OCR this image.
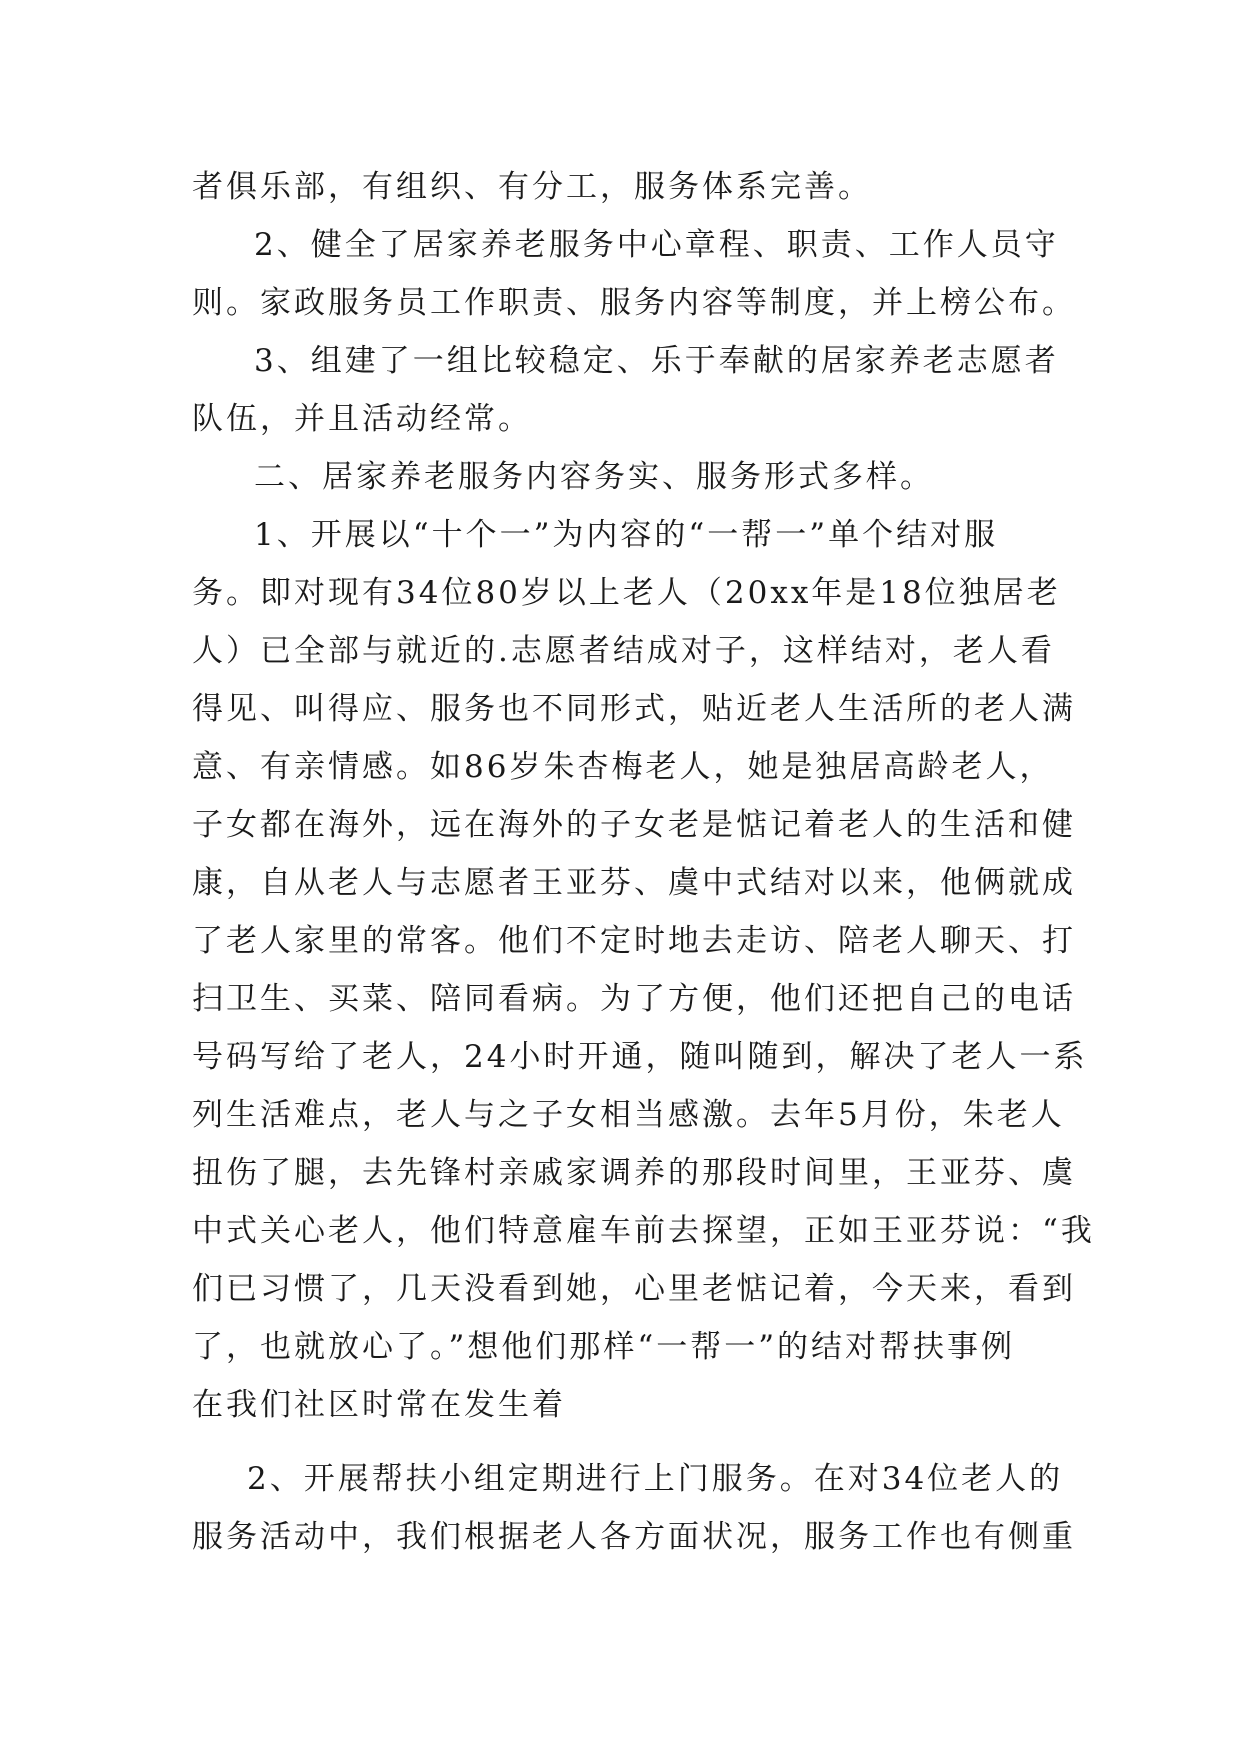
者俱乐部，有组织、有分工，服务体系完善。
2、健全了居家养老服务中心章程、职责、工作人员守
则。家政服务员工作职责、服务内容等制度，并上榜公布。
3、组建了一组比较稳定、乐于奉献的居家养老志愿者
队伍，并且活动经常。
二、居家养老服务内容务实、服务形式多样。
1、开展以“十个一”为内容的“一帮一”单个结对服
务。即对现有34位80岁以上老人（20xx年是18位独居老
人）已全部与就近的.志愿者结成对子，这样结对，老人看
得见、叫得应、服务也不同形式，贴近老人生活所的老人满
意、有亲情感。如86岁朱杏梅老人，她是独居高龄老人，
子女都在海外，远在海外的子女老是惦记着老人的生活和健
康，自从老人与志愿者王亚芬、虞中式结对以来，他俩就成
了老人家里的常客。他们不定时地去走访、陪老人聊天、打
扫卫生、买菜、陪同看病。为了方便，他们还把自己的电话
号码写给了老人，24小时开通，随叫随到，解决了老人一系
列生活难点，老人与之子女相当感激。去年5月份，朱老人
扭伤了腿，去先锋村亲戚家调养的那段时间里，王亚芬、虞
中式关心老人，他们特意雇车前去探望，正如王亚芬说：“我
们已习惯了，几天没看到她，心里老惦记着，今天来，看到
了，也就放心了。”想他们那样“一帮一”的结对帮扶事例
在我们社区时常在发生着
2、开展帮扶小组定期进行上门服务。在对34位老人的
服务活动中，我们根据老人各方面状况，服务工作也有侧重
